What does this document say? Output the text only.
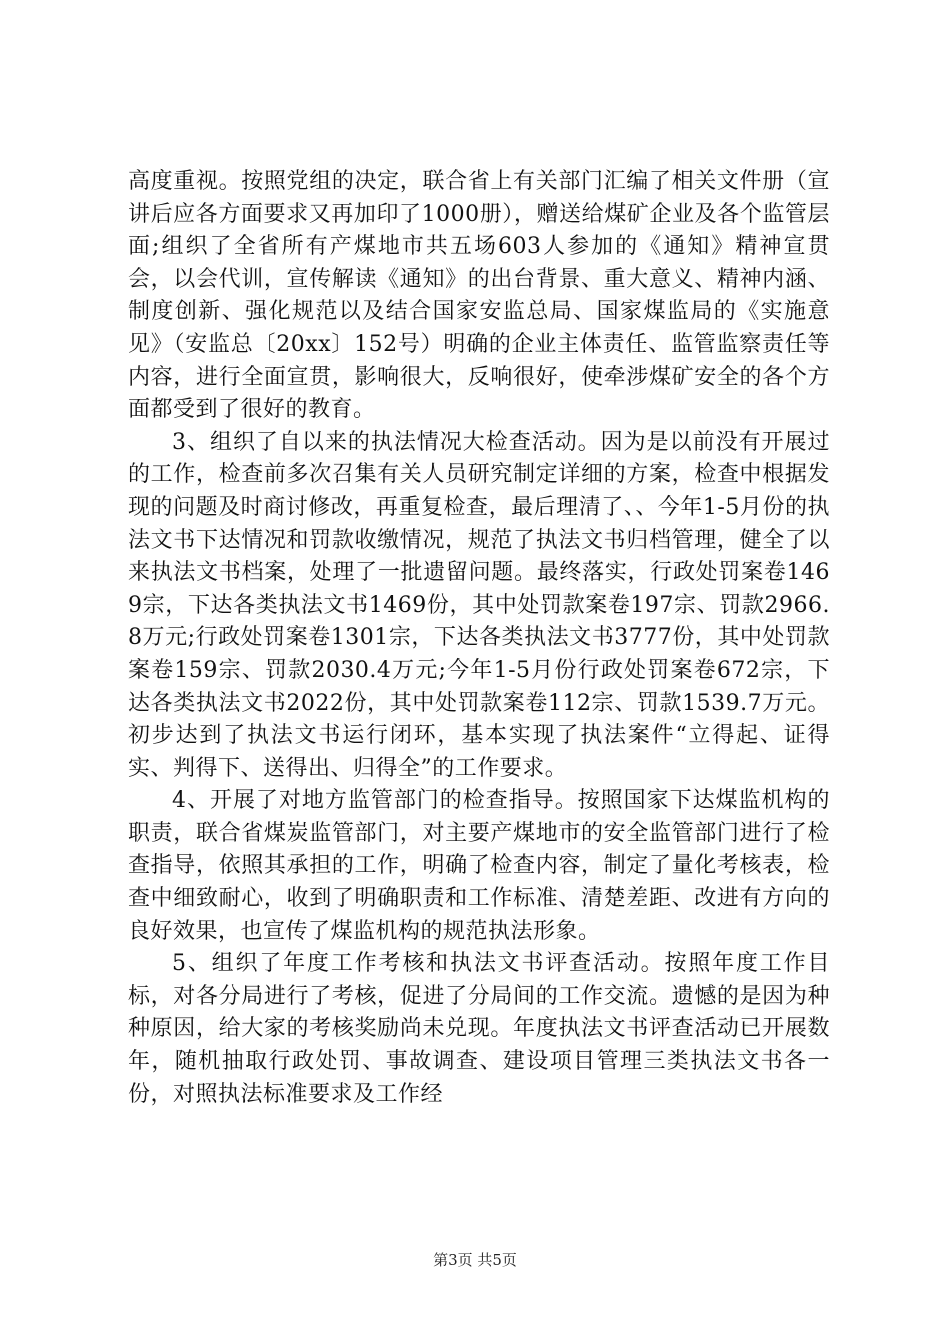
高度重视。按照党组的决定，联合省上有关部门汇编了相关文件册（宣讲后应各方面要求又再加印了1000册），赠送给煤矿企业及各个监管层面;组织了全省所有产煤地市共五场603人参加的《通知》精神宣贯会，以会代训，宣传解读《通知》的出台背景、重大意义、精神内涵、制度创新、强化规范以及结合国家安监总局、国家煤监局的《实施意见》（安监总〔20xx〕152号）明确的企业主体责任、监管监察责任等内容，进行全面宣贯，影响很大，反响很好，使牵涉煤矿安全的各个方面都受到了很好的教育。

3、组织了自以来的执法情况大检查活动。因为是以前没有开展过的工作，检查前多次召集有关人员研究制定详细的方案，检查中根据发现的问题及时商讨修改，再重复检查，最后理清了、、今年1-5月份的执法文书下达情况和罚款收缴情况，规范了执法文书归档管理，健全了以来执法文书档案，处理了一批遗留问题。最终落实，行政处罚案卷1469宗，下达各类执法文书1469份，其中处罚款案卷197宗、罚款2966.8万元;行政处罚案卷1301宗，下达各类执法文书3777份，其中处罚款案卷159宗、罚款2030.4万元;今年1-5月份行政处罚案卷672宗，下达各类执法文书2022份，其中处罚款案卷112宗、罚款1539.7万元。初步达到了执法文书运行闭环，基本实现了执法案件“立得起、证得实、判得下、送得出、归得全”的工作要求。

4、开展了对地方监管部门的检查指导。按照国家下达煤监机构的职责，联合省煤炭监管部门，对主要产煤地市的安全监管部门进行了检查指导，依照其承担的工作，明确了检查内容，制定了量化考核表，检查中细致耐心，收到了明确职责和工作标准、清楚差距、改进有方向的良好效果，也宣传了煤监机构的规范执法形象。

5、组织了年度工作考核和执法文书评查活动。按照年度工作目标，对各分局进行了考核，促进了分局间的工作交流。遗憾的是因为种种原因，给大家的考核奖励尚未兑现。年度执法文书评查活动已开展数年，随机抽取行政处罚、事故调查、建设项目管理三类执法文书各一份，对照执法标准要求及工作经

第3页 共5页
